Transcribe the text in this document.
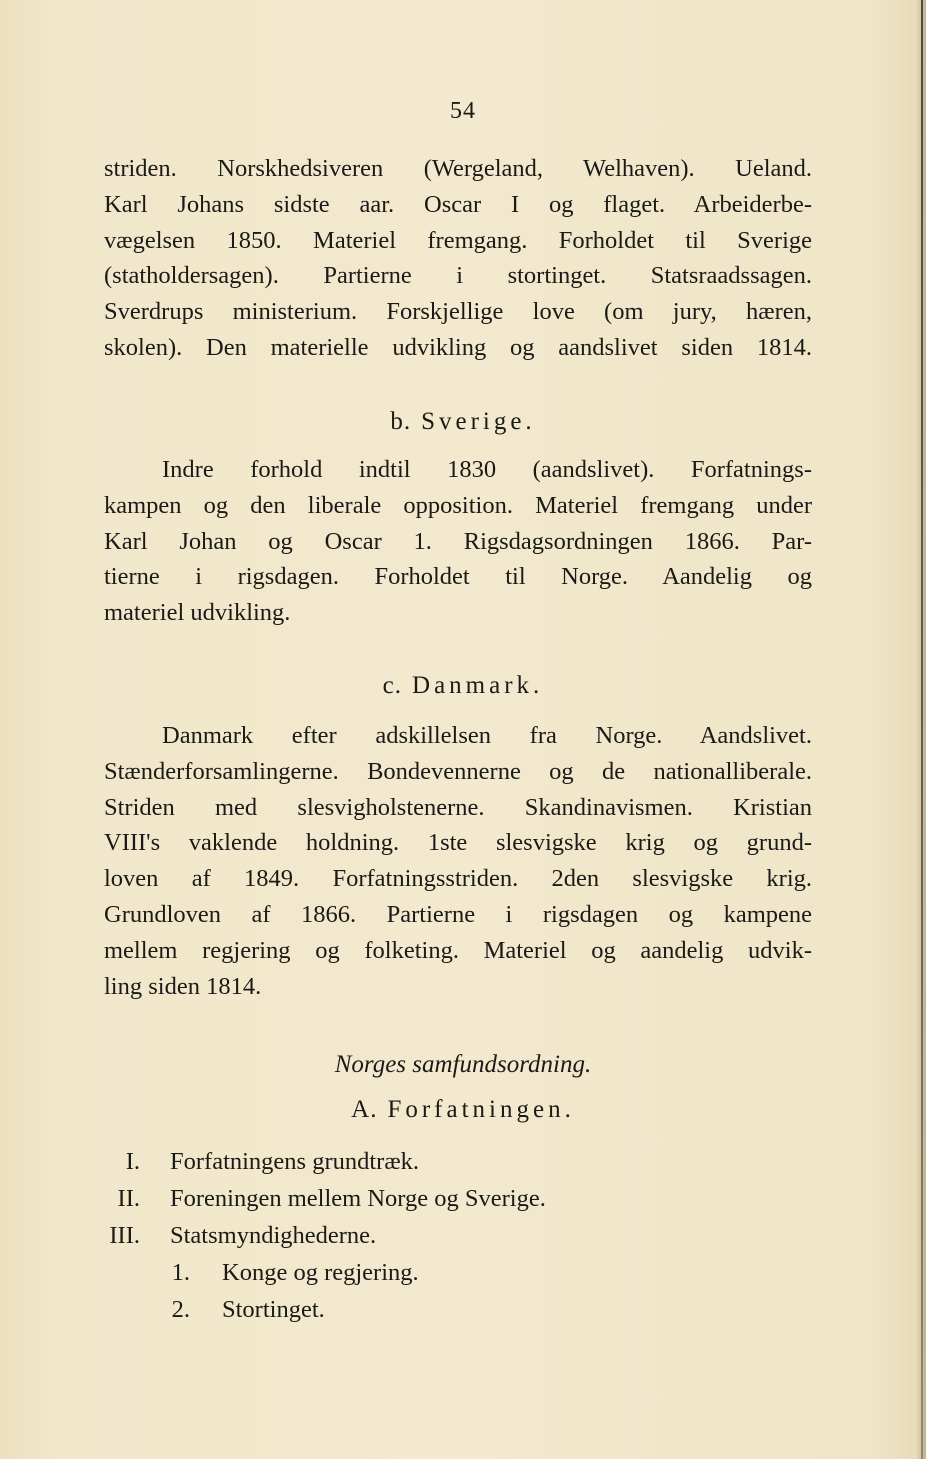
54
striden. Norskhedsiveren (Wergeland, Welhaven). Ueland.
Karl Johans sidste aar. Oscar I og flaget. Arbeiderbe-
vægelsen 1850. Materiel fremgang. Forholdet til Sverige
(statholdersagen). Partierne i stortinget. Statsraadssagen.
Sverdrups ministerium. Forskjellige love (om jury, hæren,
skolen). Den materielle udvikling og aandslivet siden 1814.
b. Sverige.
Indre forhold indtil 1830 (aandslivet). Forfatnings-
kampen og den liberale opposition. Materiel fremgang under
Karl Johan og Oscar 1. Rigsdagsordningen 1866. Par-
tierne i rigsdagen. Forholdet til Norge. Aandelig og
materiel udvikling.
c. Danmark.
Danmark efter adskillelsen fra Norge. Aandslivet.
Stænderforsamlingerne. Bondevennerne og de nationalliberale.
Striden med slesvigholstenerne. Skandinavismen. Kristian
VIII's vaklende holdning. 1ste slesvigske krig og grund-
loven af 1849. Forfatningsstriden. 2den slesvigske krig.
Grundloven af 1866. Partierne i rigsdagen og kampene
mellem regjering og folketing. Materiel og aandelig udvik-
ling siden 1814.
Norges samfundsordning.
A. Forfatningen.
I. Forfatningens grundtræk.
II. Foreningen mellem Norge og Sverige.
III. Statsmyndighederne.
1. Konge og regjering.
2. Stortinget.
